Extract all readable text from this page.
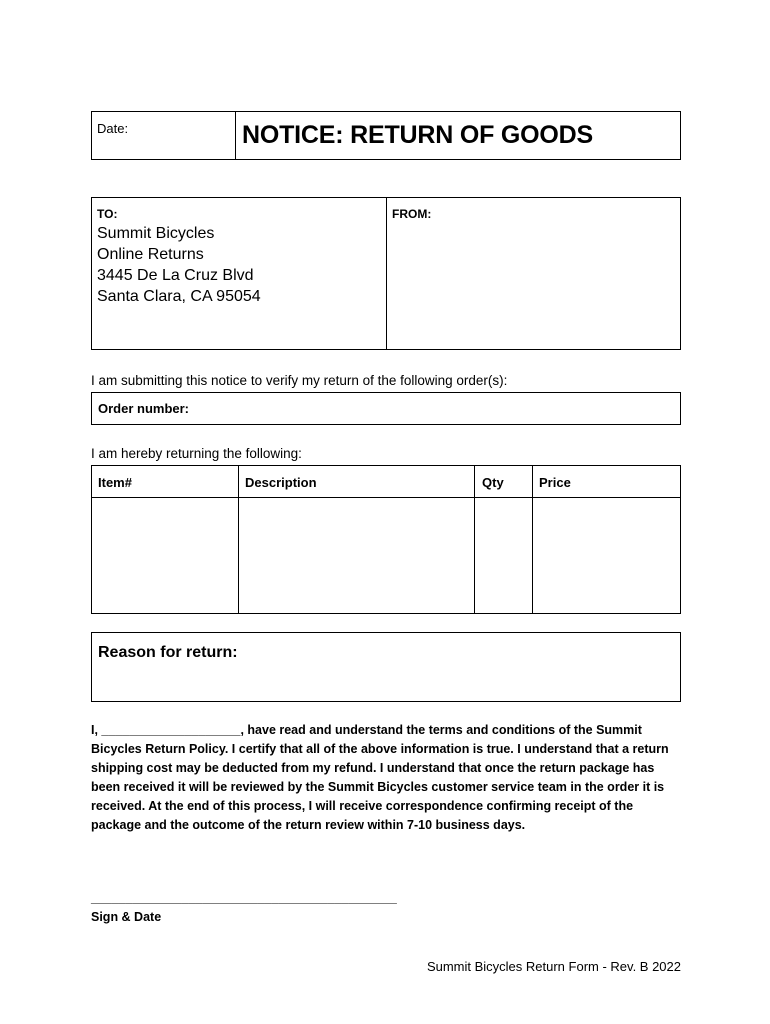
Date:	NOTICE: RETURN OF GOODS
TO:
Summit Bicycles
Online Returns
3445 De La Cruz Blvd
Santa Clara, CA 95054
FROM:
I am submitting this notice to verify my return of the following order(s):
Order number:
I am hereby returning the following:
Item#	Description	Qty	Price
Reason for return:
I, ____________________, have read and understand the terms and conditions of the Summit Bicycles Return Policy. I certify that all of the above information is true. I understand that a return shipping cost may be deducted from my refund. I understand that once the return package has been received it will be reviewed by the Summit Bicycles customer service team in the order it is received. At the end of this process, I will receive correspondence confirming receipt of the package and the outcome of the return review within 7-10 business days.
____________________________________________
Sign & Date
Summit Bicycles Return Form - Rev. B 2022
